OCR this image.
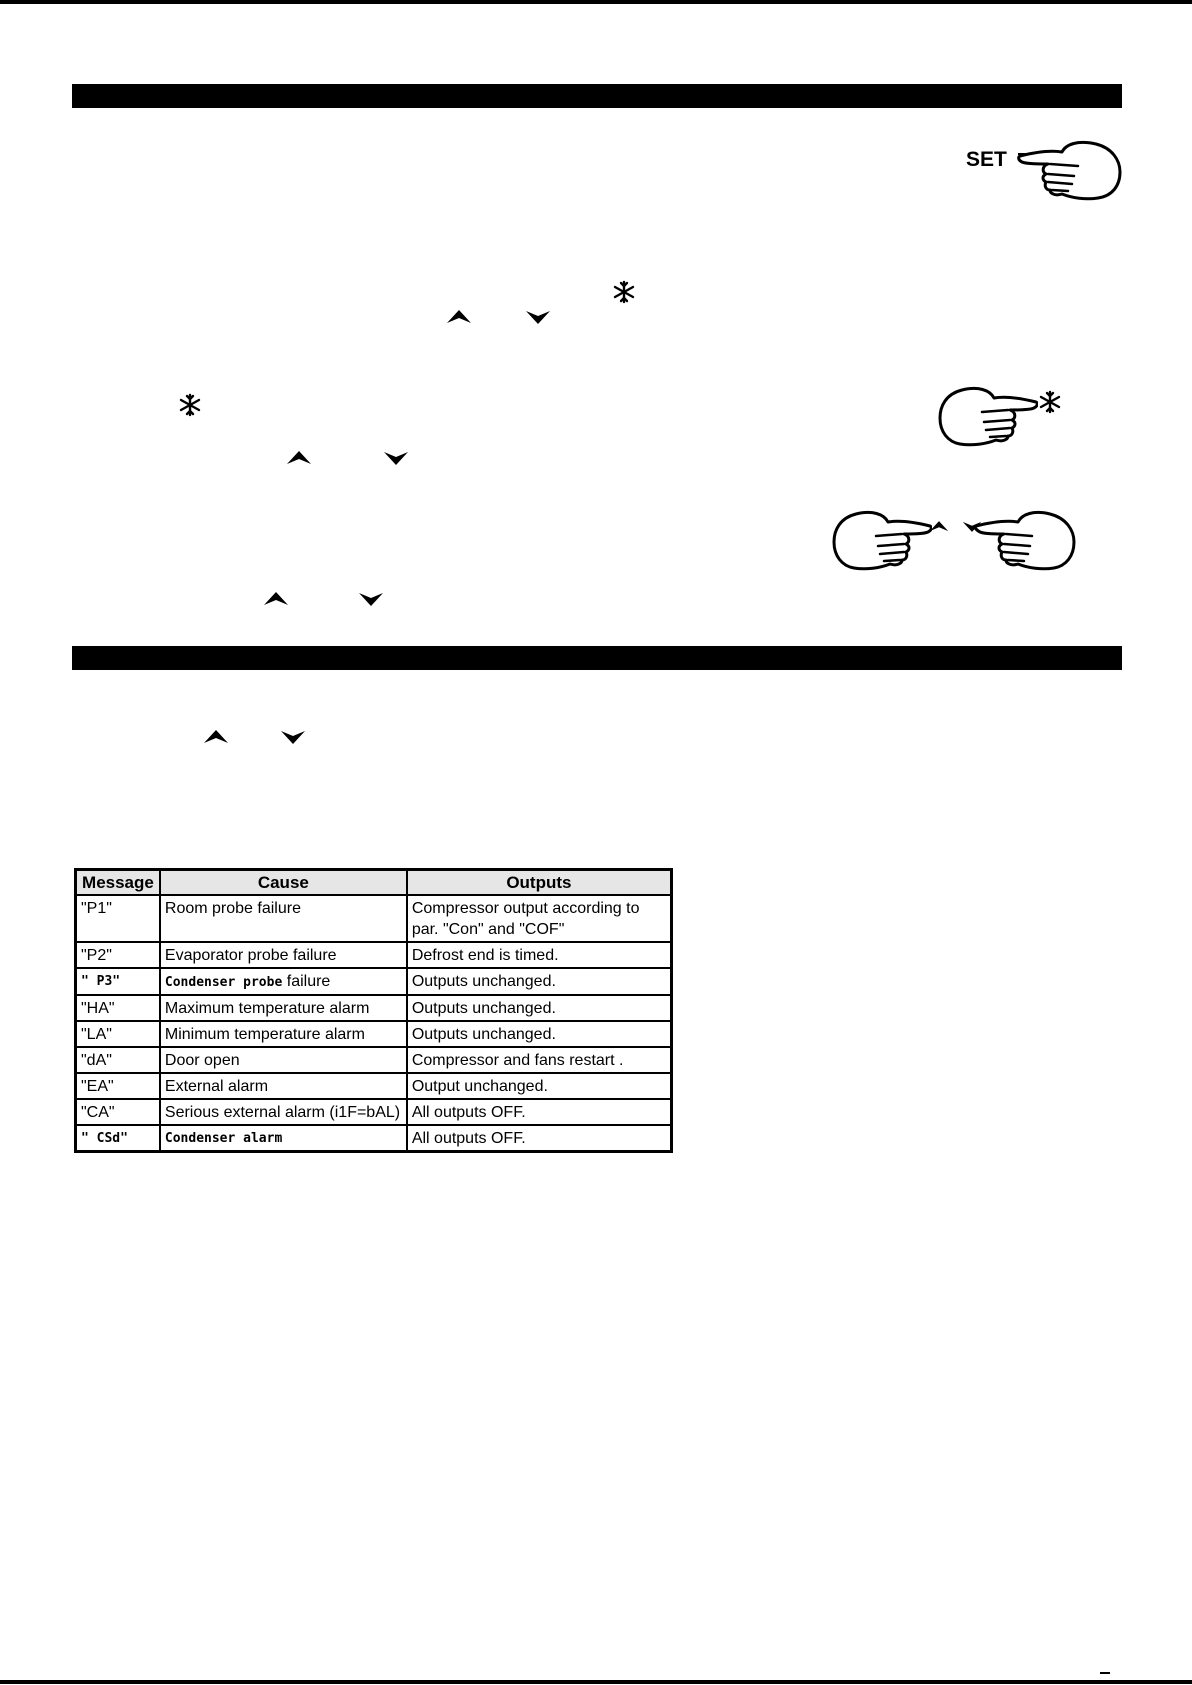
SET
Message	Cause	Outputs
"P1"	Room probe failure	Compressor output according to par. "Con" and "COF"
"P2"	Evaporator probe failure	Defrost end is timed.
" P3"	Condenser probe failure	Outputs unchanged.
"HA"	Maximum temperature alarm	Outputs unchanged.
"LA"	Minimum temperature alarm	Outputs unchanged.
"dA"	Door open	Compressor and fans restart .
"EA"	External alarm	Output unchanged.
"CA"	Serious external alarm (i1F=bAL)	All outputs OFF.
" CSd"	Condenser alarm	All outputs OFF.
